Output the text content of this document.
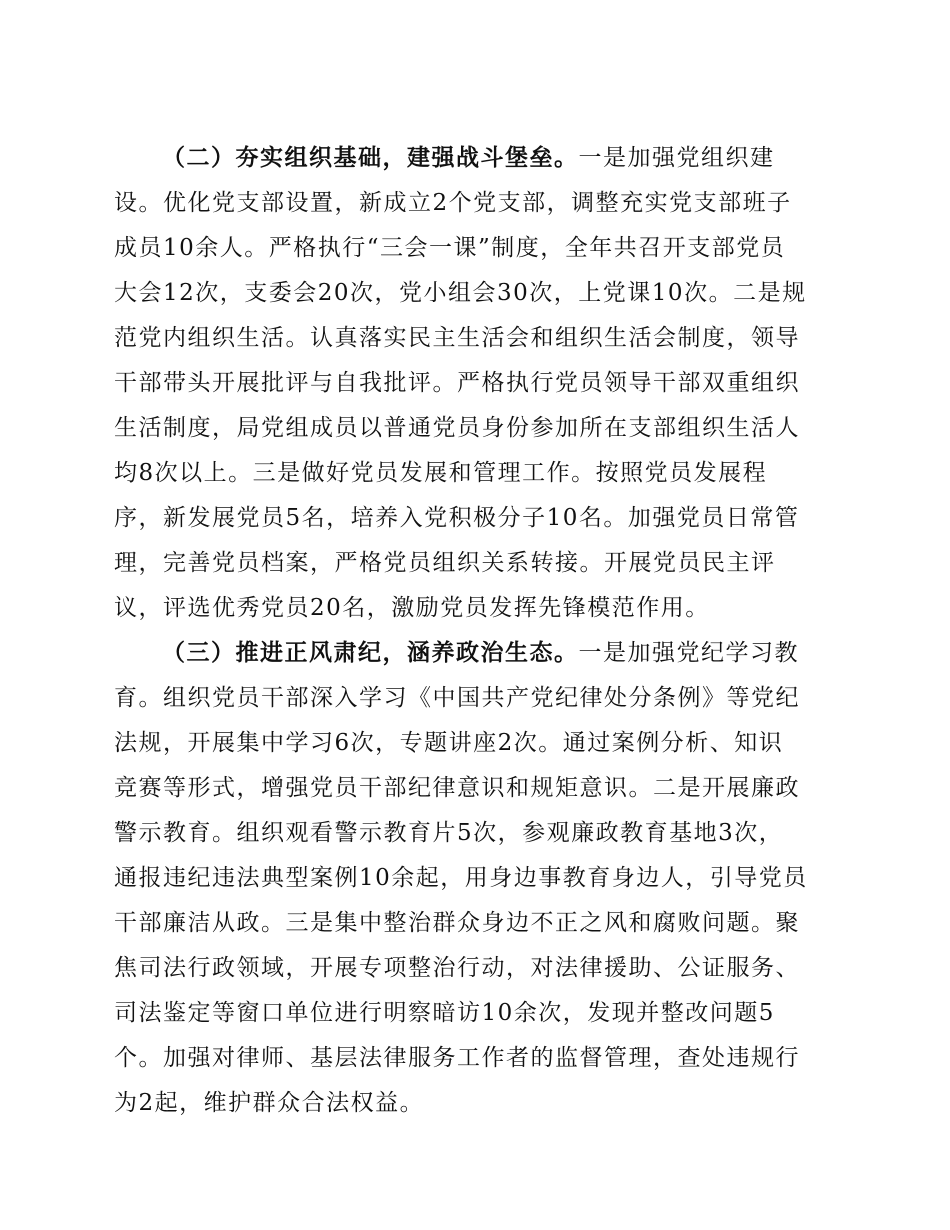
（二）夯实组织基础，建强战斗堡垒。一是加强党组织建
设。优化党支部设置，新成立2个党支部，调整充实党支部班子
成员10余人。严格执行“三会一课”制度，全年共召开支部党员
大会12次，支委会20次，党小组会30次，上党课10次。二是规
范党内组织生活。认真落实民主生活会和组织生活会制度，领导
干部带头开展批评与自我批评。严格执行党员领导干部双重组织
生活制度，局党组成员以普通党员身份参加所在支部组织生活人
均8次以上。三是做好党员发展和管理工作。按照党员发展程
序，新发展党员5名，培养入党积极分子10名。加强党员日常管
理，完善党员档案，严格党员组织关系转接。开展党员民主评
议，评选优秀党员20名，激励党员发挥先锋模范作用。
（三）推进正风肃纪，涵养政治生态。一是加强党纪学习教
育。组织党员干部深入学习《中国共产党纪律处分条例》等党纪
法规，开展集中学习6次，专题讲座2次。通过案例分析、知识
竞赛等形式，增强党员干部纪律意识和规矩意识。二是开展廉政
警示教育。组织观看警示教育片5次，参观廉政教育基地3次，
通报违纪违法典型案例10余起，用身边事教育身边人，引导党员
干部廉洁从政。三是集中整治群众身边不正之风和腐败问题。聚
焦司法行政领域，开展专项整治行动，对法律援助、公证服务、
司法鉴定等窗口单位进行明察暗访10余次，发现并整改问题5
个。加强对律师、基层法律服务工作者的监督管理，查处违规行
为2起，维护群众合法权益。
